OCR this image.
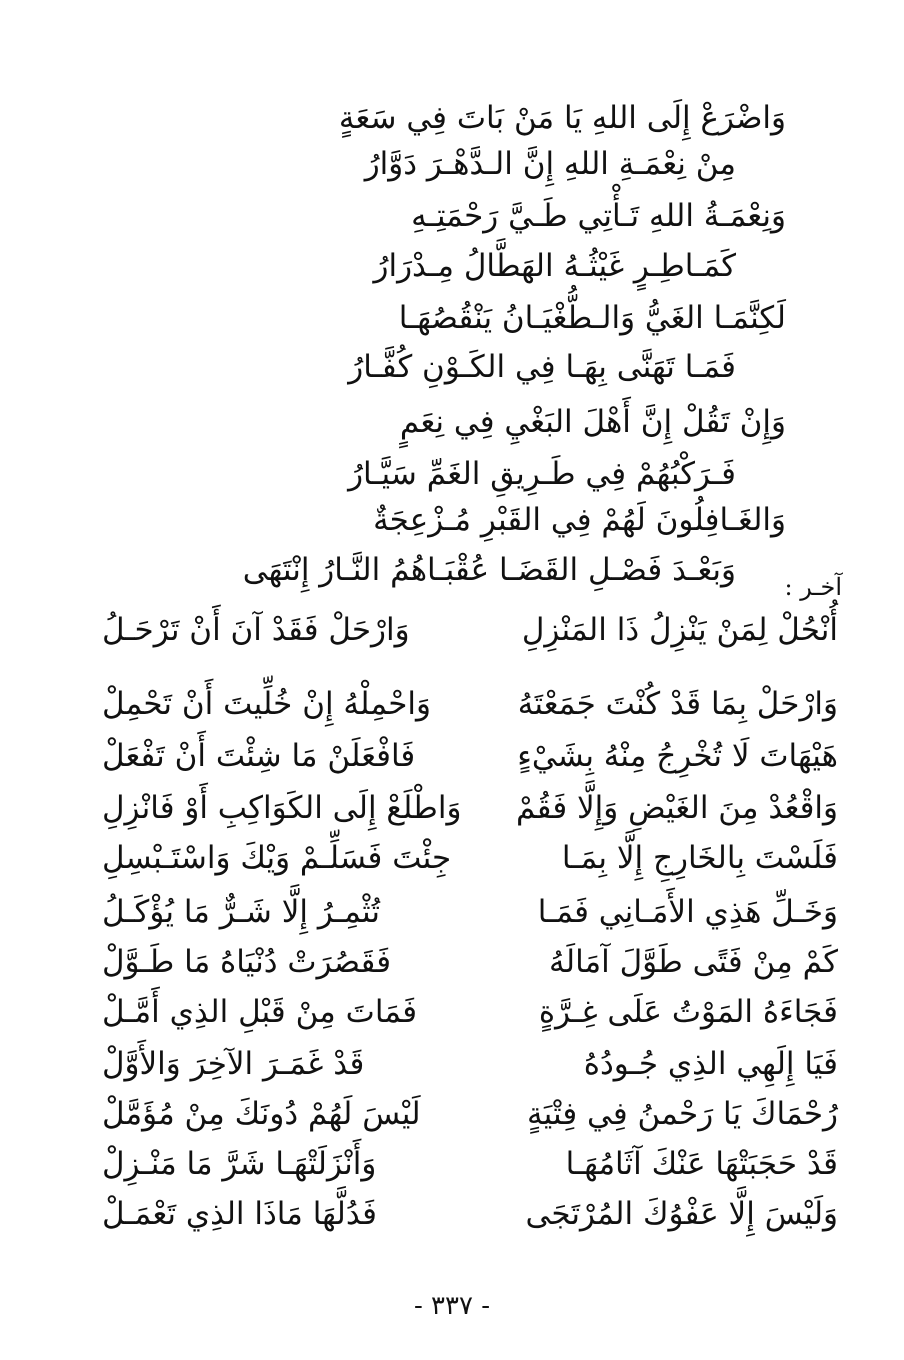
وَاضْرَعْ إِلَى اللهِ يَا مَنْ بَاتَ فِي سَعَةٍ
مِنْ نِعْمَـةِ اللهِ إِنَّ الـدَّهْـرَ دَوَّارُ
وَنِعْمَـةُ اللهِ تَـأْتِي طَـيَّ رَحْمَتِـهِ
كَمَـاطِـرٍ غَيْثُـهُ الهَطَّالُ مِـدْرَارُ
لَكِنَّمَـا الغَيُّ وَالـطُّغْيَـانُ يَنْقُصُهَـا
فَمَـا تَهَنَّى بِهَـا فِي الكَـوْنِ كُفَّـارُ
وَإِنْ تَقُلْ إِنَّ أَهْلَ البَغْيِ فِي نِعَمٍ
فَـرَكْبُهُمْ فِي طَـرِيقِ الغَمِّ سَيَّـارُ
وَالغَـافِلُونَ لَهُمْ فِي القَبْرِ مُـزْعِجَةٌ
وَبَعْـدَ فَصْـلِ القَضَـا عُقْبَـاهُمُ النَّـارُ إِنْتَهَى آخـر :
أُنْحُلْ لِمَنْ يَنْزِلُ ذَا المَنْزِلِ
وَارْحَلْ فَقَدْ آنَ أَنْ تَرْحَـلُ
وَارْحَلْ بِمَا قَدْ كُنْتَ جَمَعْتَهُ
وَاحْمِلْهُ إِنْ خُلِّيتَ أَنْ تَحْمِلْ
هَيْهَاتَ لَا تُخْرِجُ مِنْهُ بِشَيْءٍ
فَافْعَلَنْ مَا شِئْتَ أَنْ تَفْعَلْ
وَاقْعُدْ مِنَ الغَيْضِ وَإِلَّا فَقُمْ
وَاطْلَعْ إِلَى الكَوَاكِبِ أَوْ فَانْزِلِ
فَلَسْتَ بِالخَارِجِ إِلَّا بِمَـا
جِئْتَ فَسَلِّـمْ وَيْكَ وَاسْتَـبْسِلِ
وَخَـلِّ هَذِي الأَمَـانِي فَمَـا
تُثْمِـرُ إِلَّا شَـرٌّ مَا يُؤْكَـلُ
كَمْ مِنْ فَتًى طَوَّلَ آمَالَهُ
فَقَصُرَتْ دُنْيَاهُ مَا طَـوَّلْ
فَجَاءَهُ المَوْتُ عَلَى غِـرَّةٍ
فَمَاتَ مِنْ قَبْلِ الذِي أَمَّـلْ
فَيَا إِلَهِي الذِي جُـودُهُ
قَدْ غَمَـرَ الآخِرَ وَالأَوَّلْ
رُحْمَاكَ يَا رَحْمنُ فِي فِتْيَةٍ
لَيْسَ لَهُمْ دُونَكَ مِنْ مُؤَمَّلْ
قَدْ حَجَبَتْهَا عَنْكَ آثَامُهَـا
وَأَنْزَلَتْهَـا شَرَّ مَا مَنْـزِلْ
وَلَيْسَ إِلَّا عَفْوُكَ المُرْتَجَى
فَدُلَّهَا مَاذَا الذِي تَعْمَـلْ
- ٣٣٧ -
